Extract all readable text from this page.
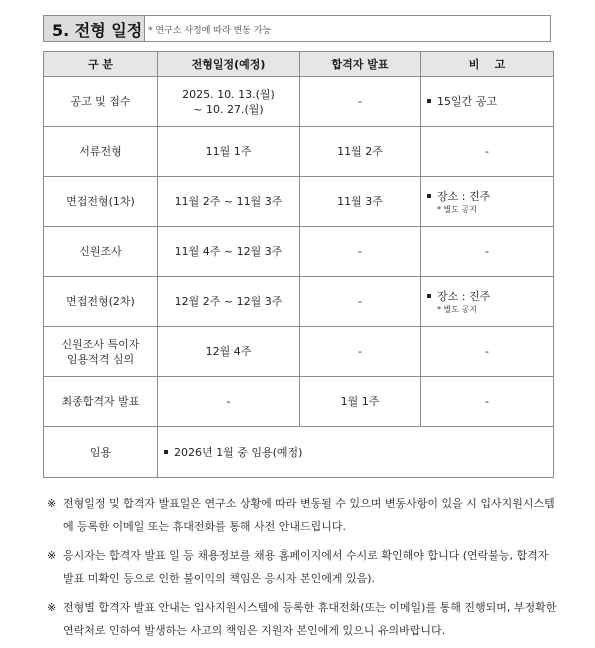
5. 전형 일정 * 연구소 사정에 따라 변동 가능
구 분	전형일정(예정)	합격자 발표	비    고
공고 및 접수	2025. 10. 13.(월)
~ 10. 27.(월)	-	15일간 공고
서류전형	11월 1주	11월 2주	-
면접전형(1차)	11월 2주 ~ 11월 3주	11월 3주	장소 : 진주
* 별도 공지

신원조사	11월 4주 ~ 12월 3주	-	-
면접전형(2차)	12월 2주 ~ 12월 3주	-	장소 : 진주
* 별도 공지

신원조사 특이자
임용적격 심의	12월 4주	-	-
최종합격자 발표	-	1월 1주	-
임용	2026년 1월 중 임용(예정)		
※ 전형일정 및 합격자 발표일은 연구소 상황에 따라 변동될 수 있으며 변동사항이 있을 시 입사지원시스템에 등록한 이메일 또는 휴대전화를 통해 사전 안내드립니다.
※ 응시자는 합격자 발표 일 등 채용정보를 채용 홈페이지에서 수시로 확인해야 합니다 (연락불능, 합격자 발표 미확인 등으로 인한 불이익의 책임은 응시자 본인에게 있음).
※ 전형별 합격자 발표 안내는 입사지원시스템에 등록한 휴대전화(또는 이메일)를 통해 진행되며, 부정확한 연락처로 인하여 발생하는 사고의 책임은 지원자 본인에게 있으니 유의바랍니다.
